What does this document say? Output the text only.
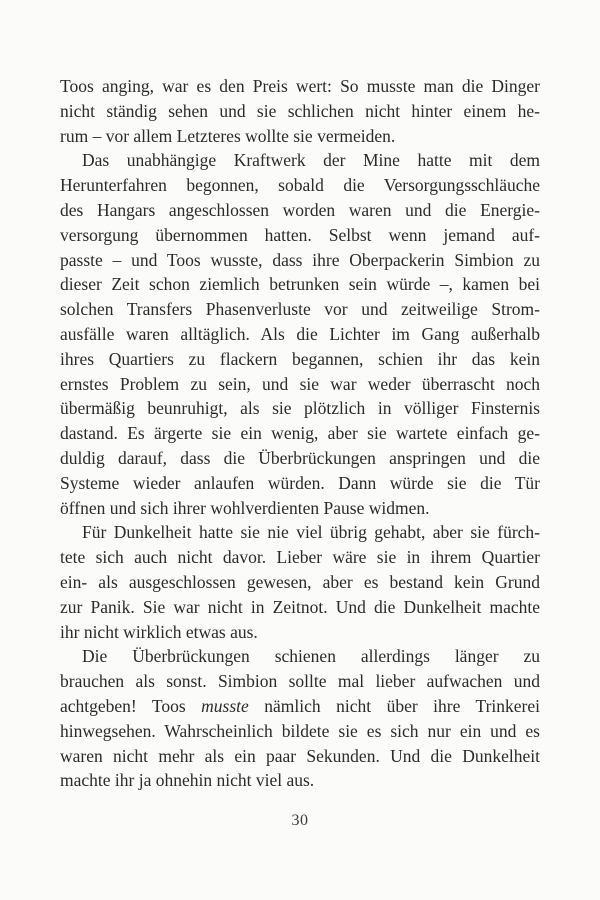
Toos anging, war es den Preis wert: So musste man die Dinger
nicht ständig sehen und sie schlichen nicht hinter einem he-
rum – vor allem Letzteres wollte sie vermeiden.
Das unabhängige Kraftwerk der Mine hatte mit dem
Herunterfahren begonnen, sobald die Versorgungsschläuche
des Hangars angeschlossen worden waren und die Energie-
versorgung übernommen hatten. Selbst wenn jemand auf-
passte – und Toos wusste, dass ihre Oberpackerin Simbion zu
dieser Zeit schon ziemlich betrunken sein würde –, kamen bei
solchen Transfers Phasenverluste vor und zeitweilige Strom-
ausfälle waren alltäglich. Als die Lichter im Gang außerhalb
ihres Quartiers zu flackern begannen, schien ihr das kein
ernstes Problem zu sein, und sie war weder überrascht noch
übermäßig beunruhigt, als sie plötzlich in völliger Finsternis
dastand. Es ärgerte sie ein wenig, aber sie wartete einfach ge-
duldig darauf, dass die Überbrückungen anspringen und die
Systeme wieder anlaufen würden. Dann würde sie die Tür
öffnen und sich ihrer wohlverdienten Pause widmen.
Für Dunkelheit hatte sie nie viel übrig gehabt, aber sie fürch-
tete sich auch nicht davor. Lieber wäre sie in ihrem Quartier
ein- als ausgeschlossen gewesen, aber es bestand kein Grund
zur Panik. Sie war nicht in Zeitnot. Und die Dunkelheit machte
ihr nicht wirklich etwas aus.
Die Überbrückungen schienen allerdings länger zu
brauchen als sonst. Simbion sollte mal lieber aufwachen und
achtgeben! Toos musste nämlich nicht über ihre Trinkerei
hinwegsehen. Wahrscheinlich bildete sie es sich nur ein und es
waren nicht mehr als ein paar Sekunden. Und die Dunkelheit
machte ihr ja ohnehin nicht viel aus.
30
